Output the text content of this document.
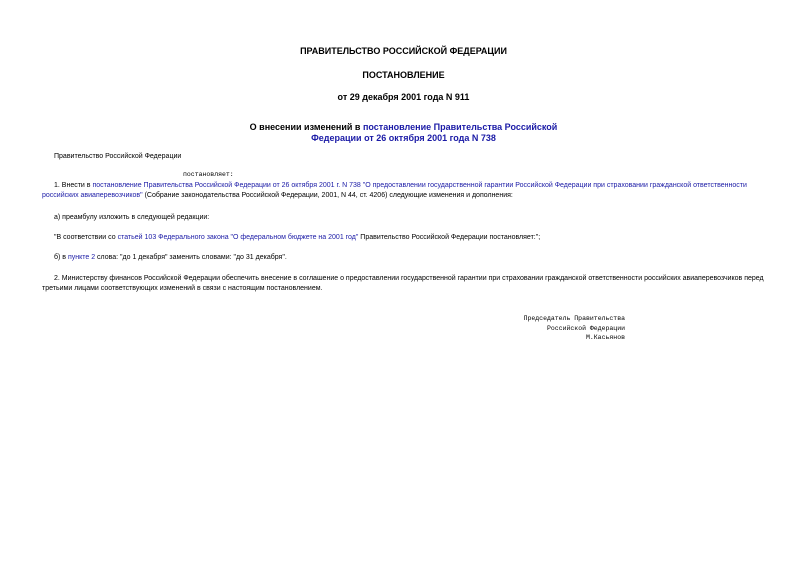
ПРАВИТЕЛЬСТВО РОССИЙСКОЙ ФЕДЕРАЦИИ
ПОСТАНОВЛЕНИЕ
от 29 декабря 2001 года N 911
О внесении изменений в постановление Правительства Российской
Федерации от 26 октября 2001 года N 738
Правительство Российской Федерации
постановляет:
1. Внести в постановление Правительства Российской Федерации от 26 октября 2001 г. N 738 "О предоставлении государственной гарантии Российской Федерации при страховании гражданской ответственности российских авиаперевозчиков" (Собрание законодательства Российской Федерации, 2001, N 44, ст. 4206) следующие изменения и дополнения:
а) преамбулу изложить в следующей редакции:
"В соответствии со статьей 103 Федерального закона "О федеральном бюджете на 2001 год" Правительство Российской Федерации постановляет:";
б) в пункте 2 слова: "до 1 декабря" заменить словами: "до 31 декабря".
2. Министерству финансов Российской Федерации обеспечить внесение в соглашение о предоставлении государственной гарантии при страховании гражданской ответственности российских авиаперевозчиков перед третьими лицами соответствующих изменений в связи с настоящим постановлением.
Председатель Правительства
Российской Федерации
М.Касьянов
